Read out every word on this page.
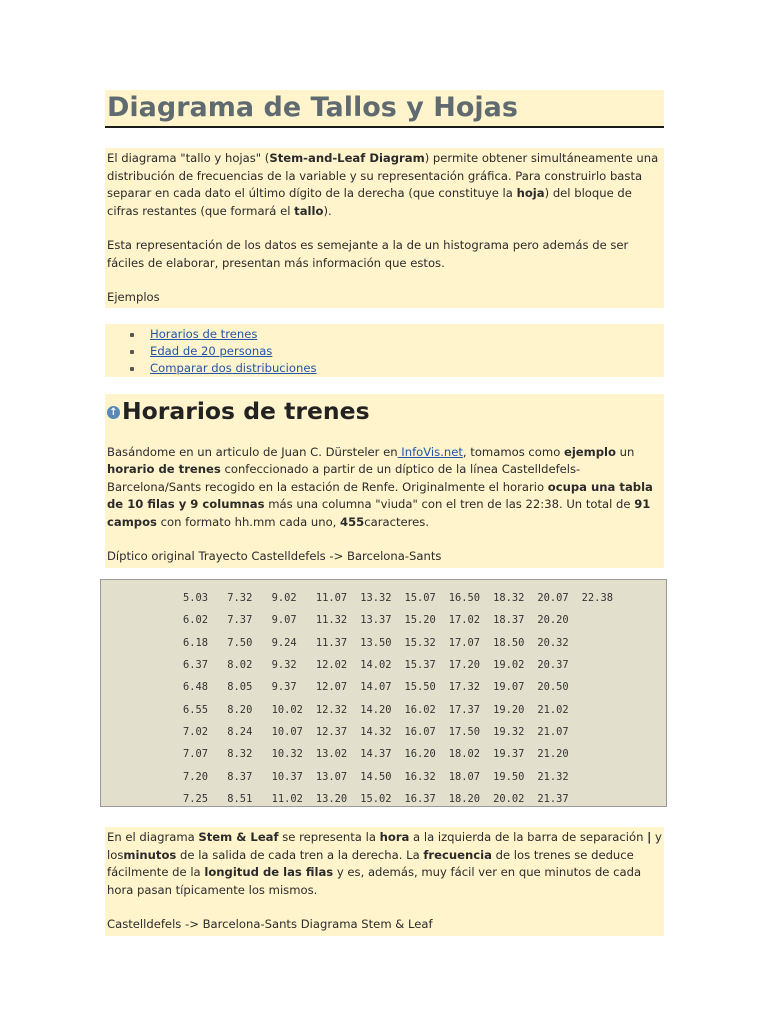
Diagrama de Tallos y Hojas

El diagrama "tallo y hojas" (Stem-and-Leaf Diagram) permite obtener simultáneamente una distribución de frecuencias de la variable y su representación gráfica. Para construirlo basta separar en cada dato el último dígito de la derecha (que constituye la hoja) del bloque de cifras restantes (que formará el tallo).

Esta representación de los datos es semejante a la de un histograma pero además de ser fáciles de elaborar, presentan más información que estos.

Ejemplos

Horarios de trenes
Edad de 20 personas
Comparar dos distribuciones
↑ Horarios de trenes

Basándome en un articulo de Juan C. Dürsteler en InfoVis.net, tomamos como ejemplo un horario de trenes confeccionado a partir de un díptico de la línea Castelldefels-Barcelona/Sants recogido en la estación de Renfe. Originalmente el horario ocupa una tabla de 10 filas y 9 columnas más una columna "viuda" con el tren de las 22:38. Un total de 91 campos con formato hh.mm cada uno, 455caracteres.

Díptico original Trayecto Castelldefels -> Barcelona-Sants

5.03	7.32	9.02	11.07	13.32	15.07	16.50	18.32	20.07	22.38
6.02	7.37	9.07	11.32	13.37	15.20	17.02	18.37	20.20	
6.18	7.50	9.24	11.37	13.50	15.32	17.07	18.50	20.32	
6.37	8.02	9.32	12.02	14.02	15.37	17.20	19.02	20.37	
6.48	8.05	9.37	12.07	14.07	15.50	17.32	19.07	20.50	
6.55	8.20	10.02	12.32	14.20	16.02	17.37	19.20	21.02	
7.02	8.24	10.07	12.37	14.32	16.07	17.50	19.32	21.07	
7.07	8.32	10.32	13.02	14.37	16.20	18.02	19.37	21.20	
7.20	8.37	10.37	13.07	14.50	16.32	18.07	19.50	21.32	
7.25	8.51	11.02	13.20	15.02	16.37	18.20	20.02	21.37	

En el diagrama Stem & Leaf se representa la hora a la izquierda de la barra de separación | y losminutos de la salida de cada tren a la derecha. La frecuencia de los trenes se deduce fácilmente de la longitud de las filas y es, además, muy fácil ver en que minutos de cada hora pasan típicamente los mismos.

Castelldefels -> Barcelona-Sants Diagrama Stem & Leaf
